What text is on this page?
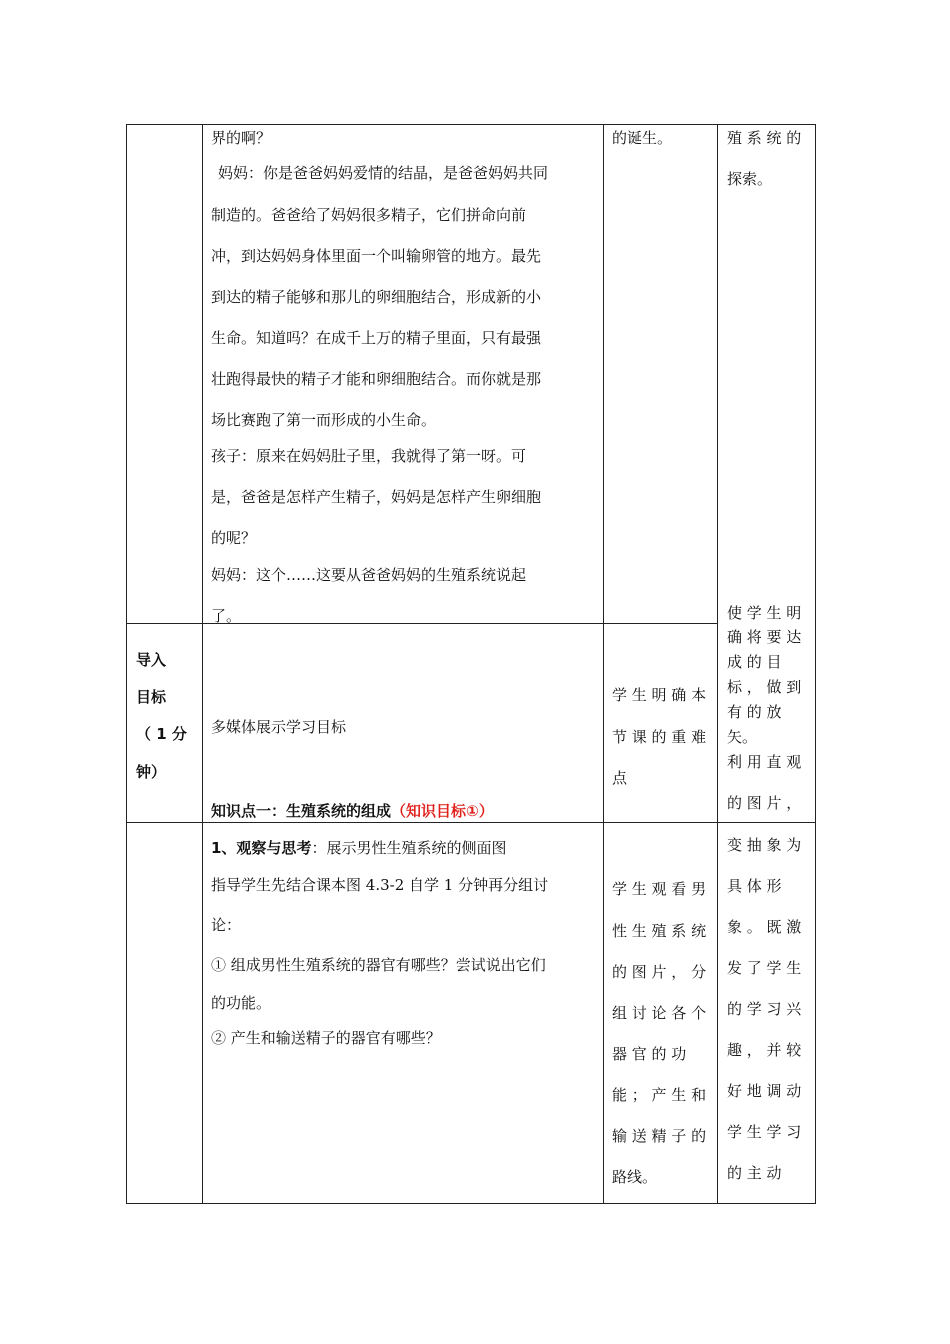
界的啊？
妈妈：你是爸爸妈妈爱情的结晶，是爸爸妈妈共同
制造的。爸爸给了妈妈很多精子，它们拼命向前
冲，到达妈妈身体里面一个叫输卵管的地方。最先
到达的精子能够和那儿的卵细胞结合，形成新的小
生命。知道吗？在成千上万的精子里面，只有最强
壮跑得最快的精子才能和卵细胞结合。而你就是那
场比赛跑了第一而形成的小生命。
孩子：原来在妈妈肚子里，我就得了第一呀。可
是，爸爸是怎样产生精子，妈妈是怎样产生卵细胞
的呢？
妈妈：这个……这要从爸爸妈妈的生殖系统说起
了。
的诞生。	殖 系 统 的
探索。
使 学 生 明
导入
目标
（ 1 分
钟）
多媒体展示学习目标
知识点一：生殖系统的组成（知识目标①）
学 生 明 确 本
节 课 的 重 难
点
确 将 要 达
成 的 目
标 ， 做 到
有 的 放
矢。
利 用 直 观
的 图 片 ，
1、观察与思考：展示男性生殖系统的侧面图
指导学生先结合课本图 4.3-2 自学 1 分钟再分组讨
论：
① 组成男性生殖系统的器官有哪些？尝试说出它们
的功能。
② 产生和输送精子的器官有哪些？
学 生 观 看 男
性 生 殖 系 统
的 图 片 ， 分
组 讨 论 各 个
器 官 的 功
能 ； 产 生 和
输 送 精 子 的
路线。
变 抽 象 为
具 体 形
象 。 既 激
发 了 学 生
的 学 习 兴
趣 ， 并 较
好 地 调 动
学 生 学 习
的 主 动
